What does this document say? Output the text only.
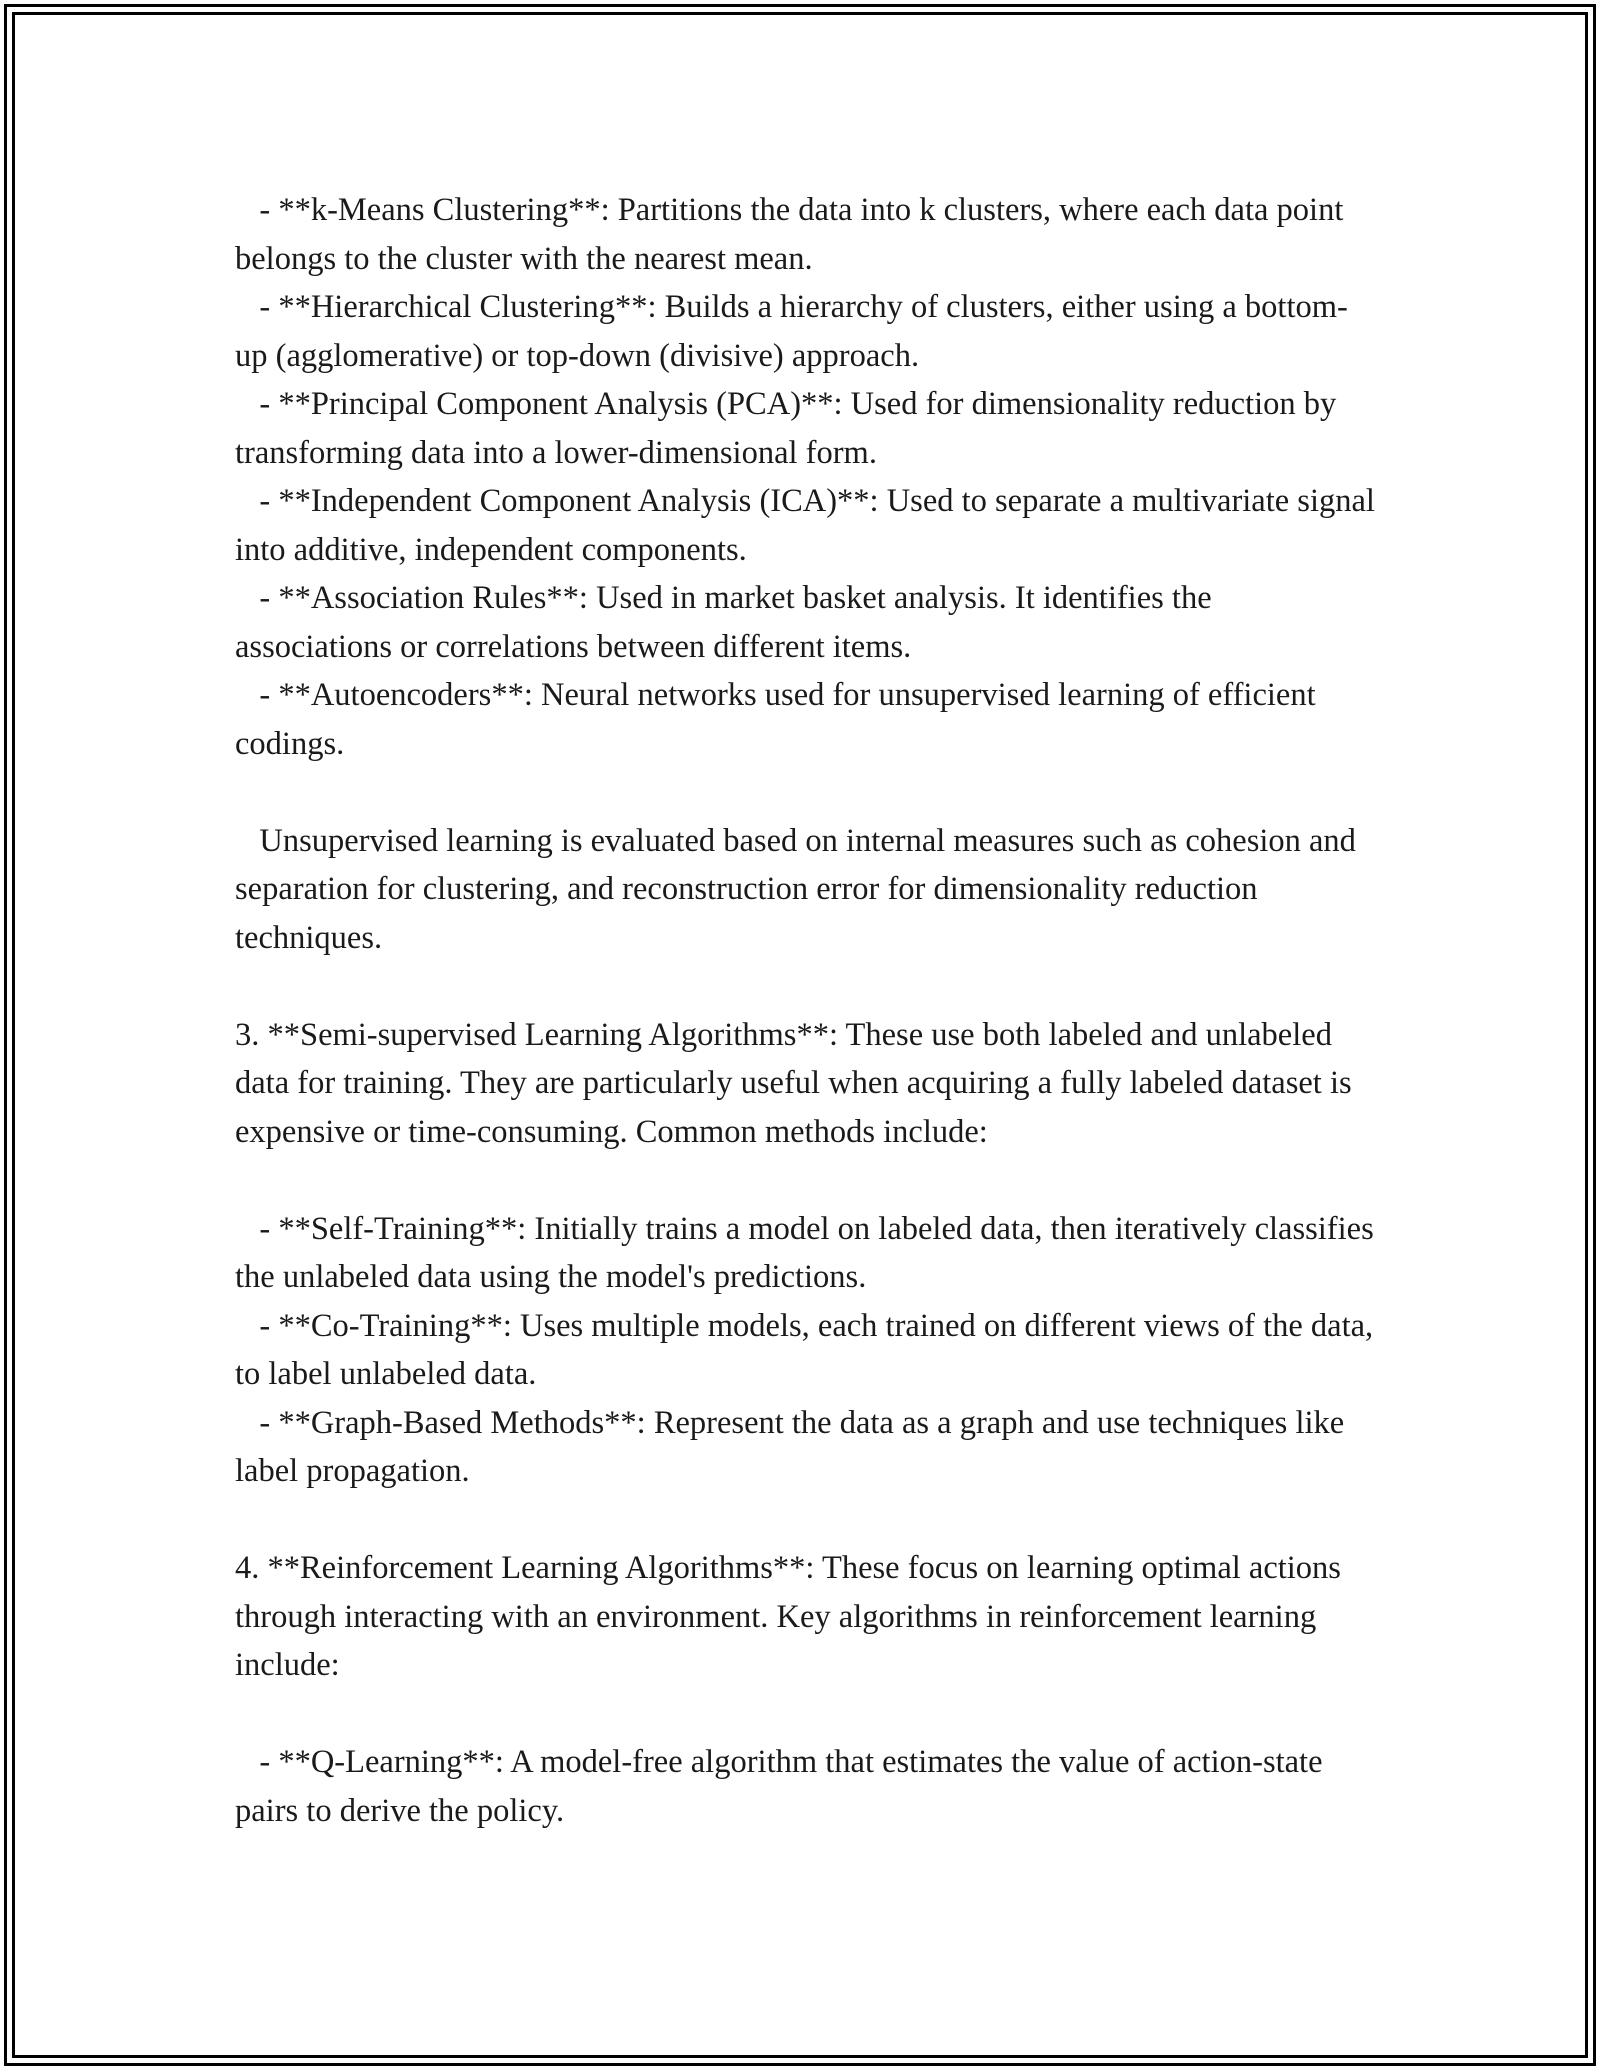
- **k-Means Clustering**: Partitions the data into k clusters, where each data point belongs to the cluster with the nearest mean.

- **Hierarchical Clustering**: Builds a hierarchy of clusters, either using a bottom-up (agglomerative) or top-down (divisive) approach.

- **Principal Component Analysis (PCA)**: Used for dimensionality reduction by transforming data into a lower-dimensional form.

- **Independent Component Analysis (ICA)**: Used to separate a multivariate signal into additive, independent components.

- **Association Rules**: Used in market basket analysis. It identifies the associations or correlations between different items.

- **Autoencoders**: Neural networks used for unsupervised learning of efficient codings.

Unsupervised learning is evaluated based on internal measures such as cohesion and separation for clustering, and reconstruction error for dimensionality reduction techniques.

3. **Semi-supervised Learning Algorithms**: These use both labeled and unlabeled data for training. They are particularly useful when acquiring a fully labeled dataset is expensive or time-consuming. Common methods include:

- **Self-Training**: Initially trains a model on labeled data, then iteratively classifies the unlabeled data using the model's predictions.

- **Co-Training**: Uses multiple models, each trained on different views of the data, to label unlabeled data.

- **Graph-Based Methods**: Represent the data as a graph and use techniques like label propagation.

4. **Reinforcement Learning Algorithms**: These focus on learning optimal actions through interacting with an environment. Key algorithms in reinforcement learning include:

- **Q-Learning**: A model-free algorithm that estimates the value of action-state pairs to derive the policy.
